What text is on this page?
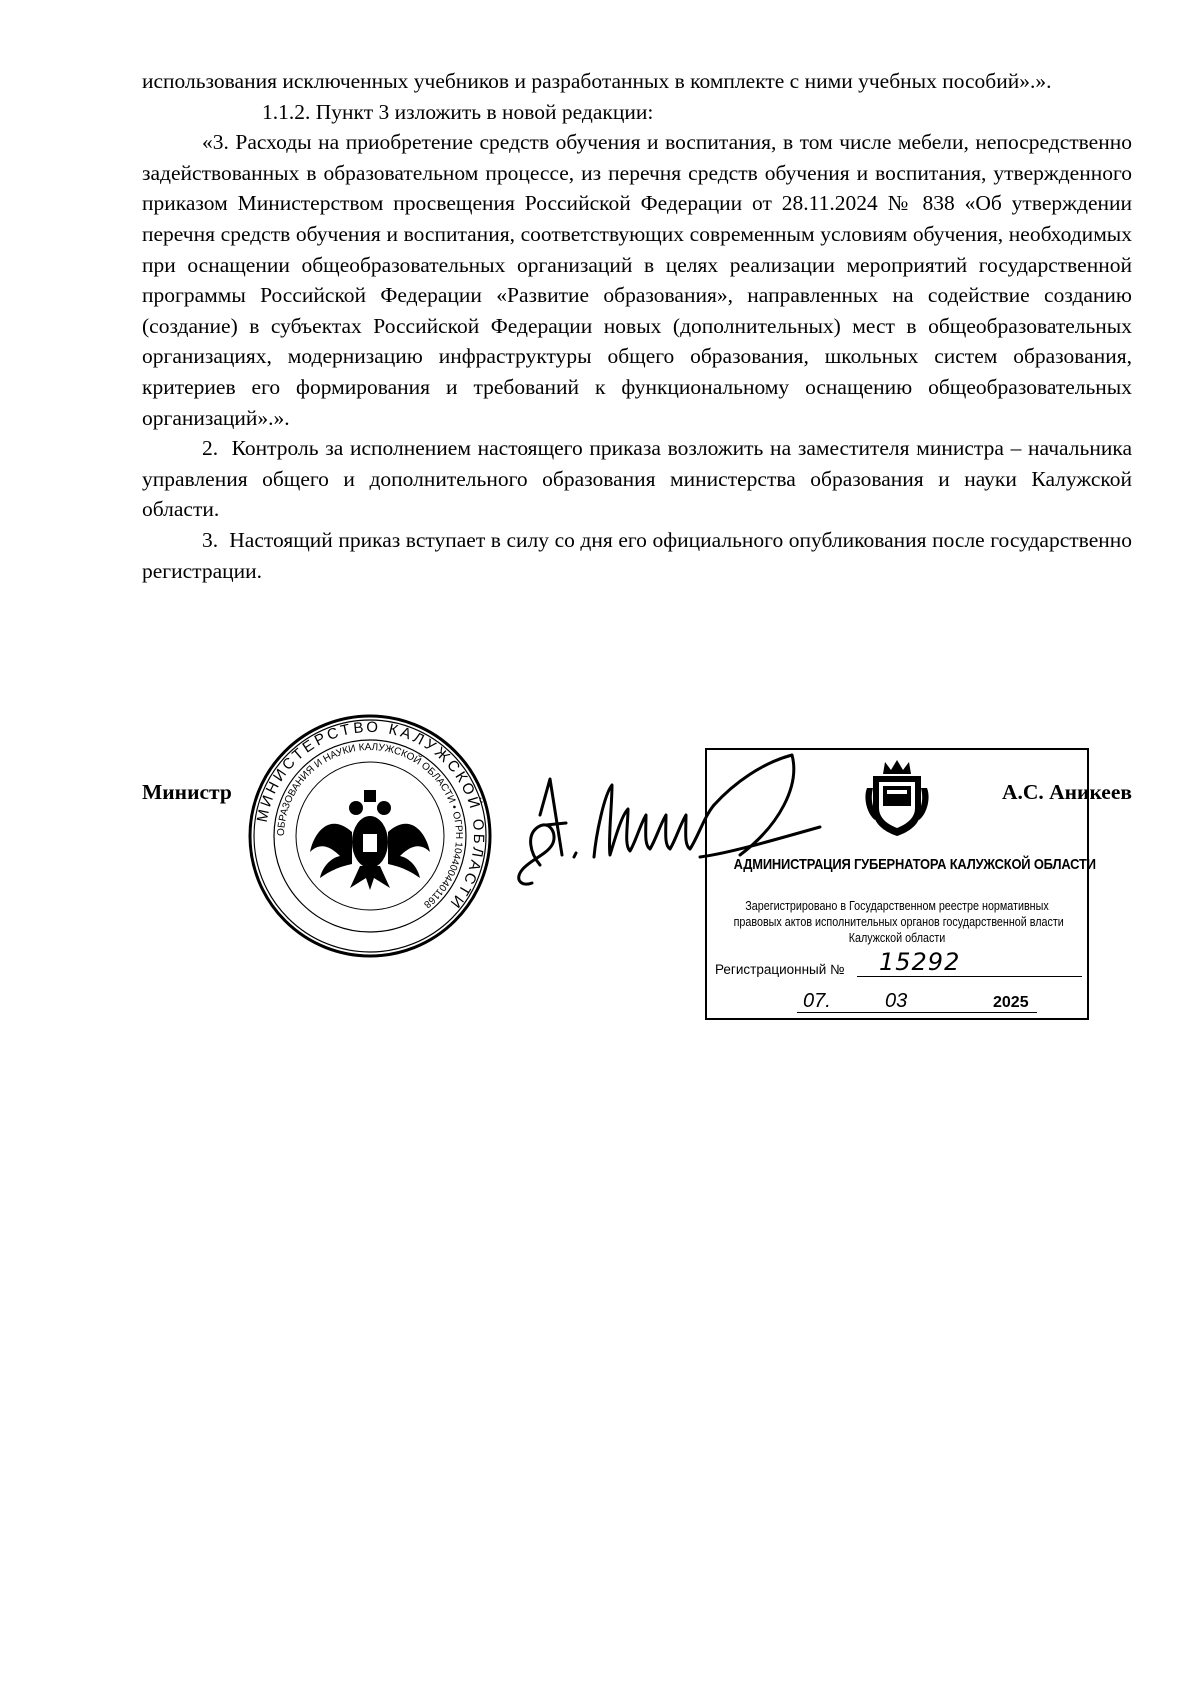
использования исключенных учебников и разработанных в комплекте с ними учебных пособий».».

1.1.2. Пункт 3 изложить в новой редакции:

«3. Расходы на приобретение средств обучения и воспитания, в том числе мебели, непосредственно задействованных в образовательном процессе, из перечня средств обучения и воспитания, утвержденного приказом Министерством просвещения Российской Федерации от 28.11.2024 № 838 «Об утверждении перечня средств обучения и воспитания, соответствующих современным условиям обучения, необходимых при оснащении общеобразовательных организаций в целях реализации мероприятий государственной программы Российской Федерации «Развитие образования», направленных на содействие созданию (создание) в субъектах Российской Федерации новых (дополнительных) мест в общеобразовательных организациях, модернизацию инфраструктуры общего образования, школьных систем образования, критериев его формирования и требований к функциональному оснащению общеобразовательных организаций».».

2. Контроль за исполнением настоящего приказа возложить на заместителя министра – начальника управления общего и дополнительного образования министерства образования и науки Калужской области.

3. Настоящий приказ вступает в силу со дня его официального опубликования после государственно регистрации.

Министр	А.С. Аникеев
МИНИСТЕРСТВО КАЛУЖСКОЙ ОБЛАСТИ
ОБРАЗОВАНИЯ И НАУКИ КАЛУЖСКОЙ ОБЛАСТИ • ОГРН 1044004401168
АДМИНИСТРАЦИЯ ГУБЕРНАТОРА КАЛУЖСКОЙ ОБЛАСТИ
Зарегистрировано в Государственном реестре нормативных
правовых актов исполнительных органов государственной власти
Калужской области
Регистрационный № 15292
07.	03	2025
